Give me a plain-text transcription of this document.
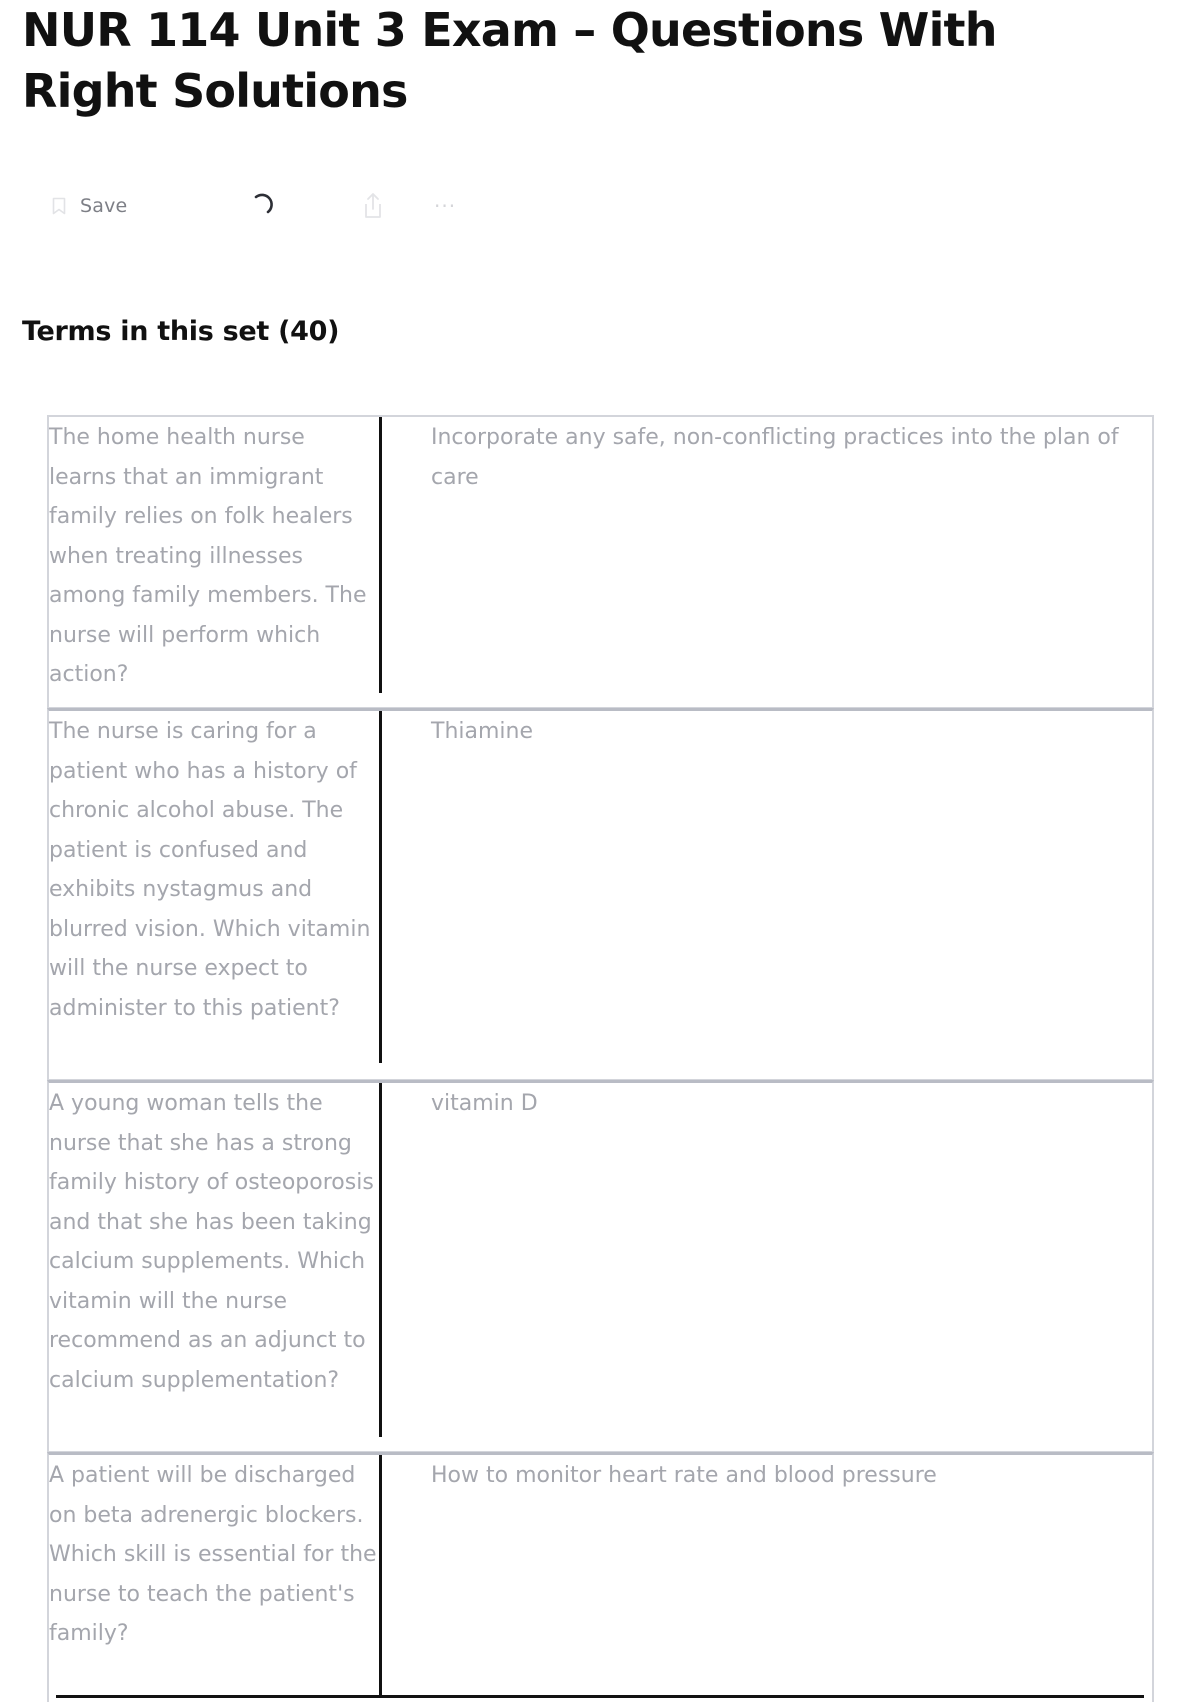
NUR 114 Unit 3 Exam – Questions With Right Solutions
Save	···
Terms in this set (40)
The home health nurse learns that an immigrant family relies on folk healers when treating illnesses among family members. The nurse will perform which action?
Incorporate any safe, non-conflicting practices into the plan of care
The nurse is caring for a patient who has a history of chronic alcohol abuse. The patient is confused and exhibits nystagmus and blurred vision. Which vitamin will the nurse expect to administer to this patient?
Thiamine
A young woman tells the nurse that she has a strong family history of osteoporosis and that she has been taking calcium supplements. Which vitamin will the nurse recommend as an adjunct to calcium supplementation?
vitamin D
A patient will be discharged on beta adrenergic blockers. Which skill is essential for the nurse to teach the patient's family?
How to monitor heart rate and blood pressure
